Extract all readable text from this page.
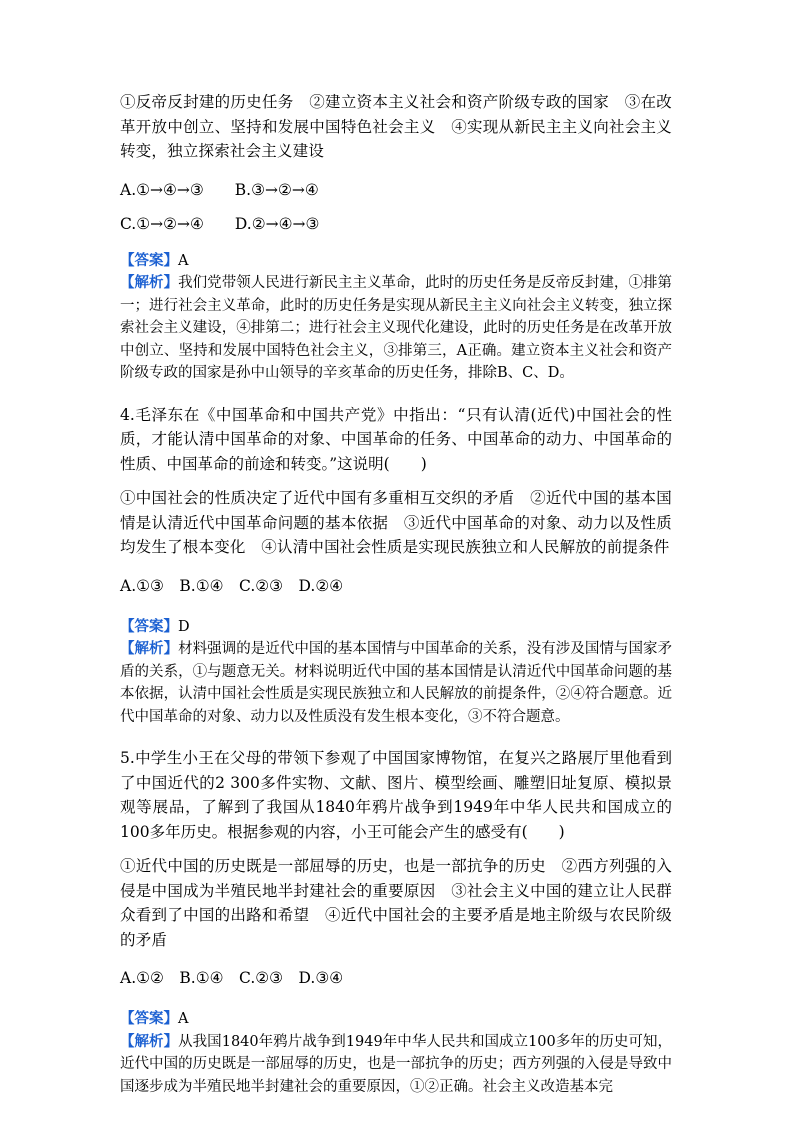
①反帝反封建的历史任务　②建立资本主义社会和资产阶级专政的国家　③在改革开放中创立、坚持和发展中国特色社会主义　④实现从新民主主义向社会主义转变，独立探索社会主义建设

A.①→④→③　　B.③→②→④

C.①→②→④　　D.②→④→③

【答案】A

【解析】我们党带领人民进行新民主主义革命，此时的历史任务是反帝反封建，①排第一；进行社会主义革命，此时的历史任务是实现从新民主主义向社会主义转变，独立探索社会主义建设，④排第二；进行社会主义现代化建设，此时的历史任务是在改革开放中创立、坚持和发展中国特色社会主义，③排第三，A正确。建立资本主义社会和资产阶级专政的国家是孙中山领导的辛亥革命的历史任务，排除B、C、D。

4.毛泽东在《中国革命和中国共产党》中指出：“只有认清(近代)中国社会的性质，才能认清中国革命的对象、中国革命的任务、中国革命的动力、中国革命的性质、中国革命的前途和转变。”这说明(　　)

①中国社会的性质决定了近代中国有多重相互交织的矛盾　②近代中国的基本国情是认清近代中国革命问题的基本依据　③近代中国革命的对象、动力以及性质均发生了根本变化　④认清中国社会性质是实现民族独立和人民解放的前提条件

A.①③　B.①④　C.②③　D.②④

【答案】D

【解析】材料强调的是近代中国的基本国情与中国革命的关系，没有涉及国情与国家矛盾的关系，①与题意无关。材料说明近代中国的基本国情是认清近代中国革命问题的基本依据，认清中国社会性质是实现民族独立和人民解放的前提条件，②④符合题意。近代中国革命的对象、动力以及性质没有发生根本变化，③不符合题意。

5.中学生小王在父母的带领下参观了中国国家博物馆，在复兴之路展厅里他看到了中国近代的2 300多件实物、文献、图片、模型绘画、雕塑旧址复原、模拟景观等展品，了解到了我国从1840年鸦片战争到1949年中华人民共和国成立的100多年历史。根据参观的内容，小王可能会产生的感受有(　　)

①近代中国的历史既是一部屈辱的历史，也是一部抗争的历史　②西方列强的入侵是中国成为半殖民地半封建社会的重要原因　③社会主义中国的建立让人民群众看到了中国的出路和希望　④近代中国社会的主要矛盾是地主阶级与农民阶级的矛盾

A.①②　B.①④　C.②③　D.③④

【答案】A

【解析】从我国1840年鸦片战争到1949年中华人民共和国成立100多年的历史可知，近代中国的历史既是一部屈辱的历史，也是一部抗争的历史；西方列强的入侵是导致中国逐步成为半殖民地半封建社会的重要原因，①②正确。社会主义改造基本完
